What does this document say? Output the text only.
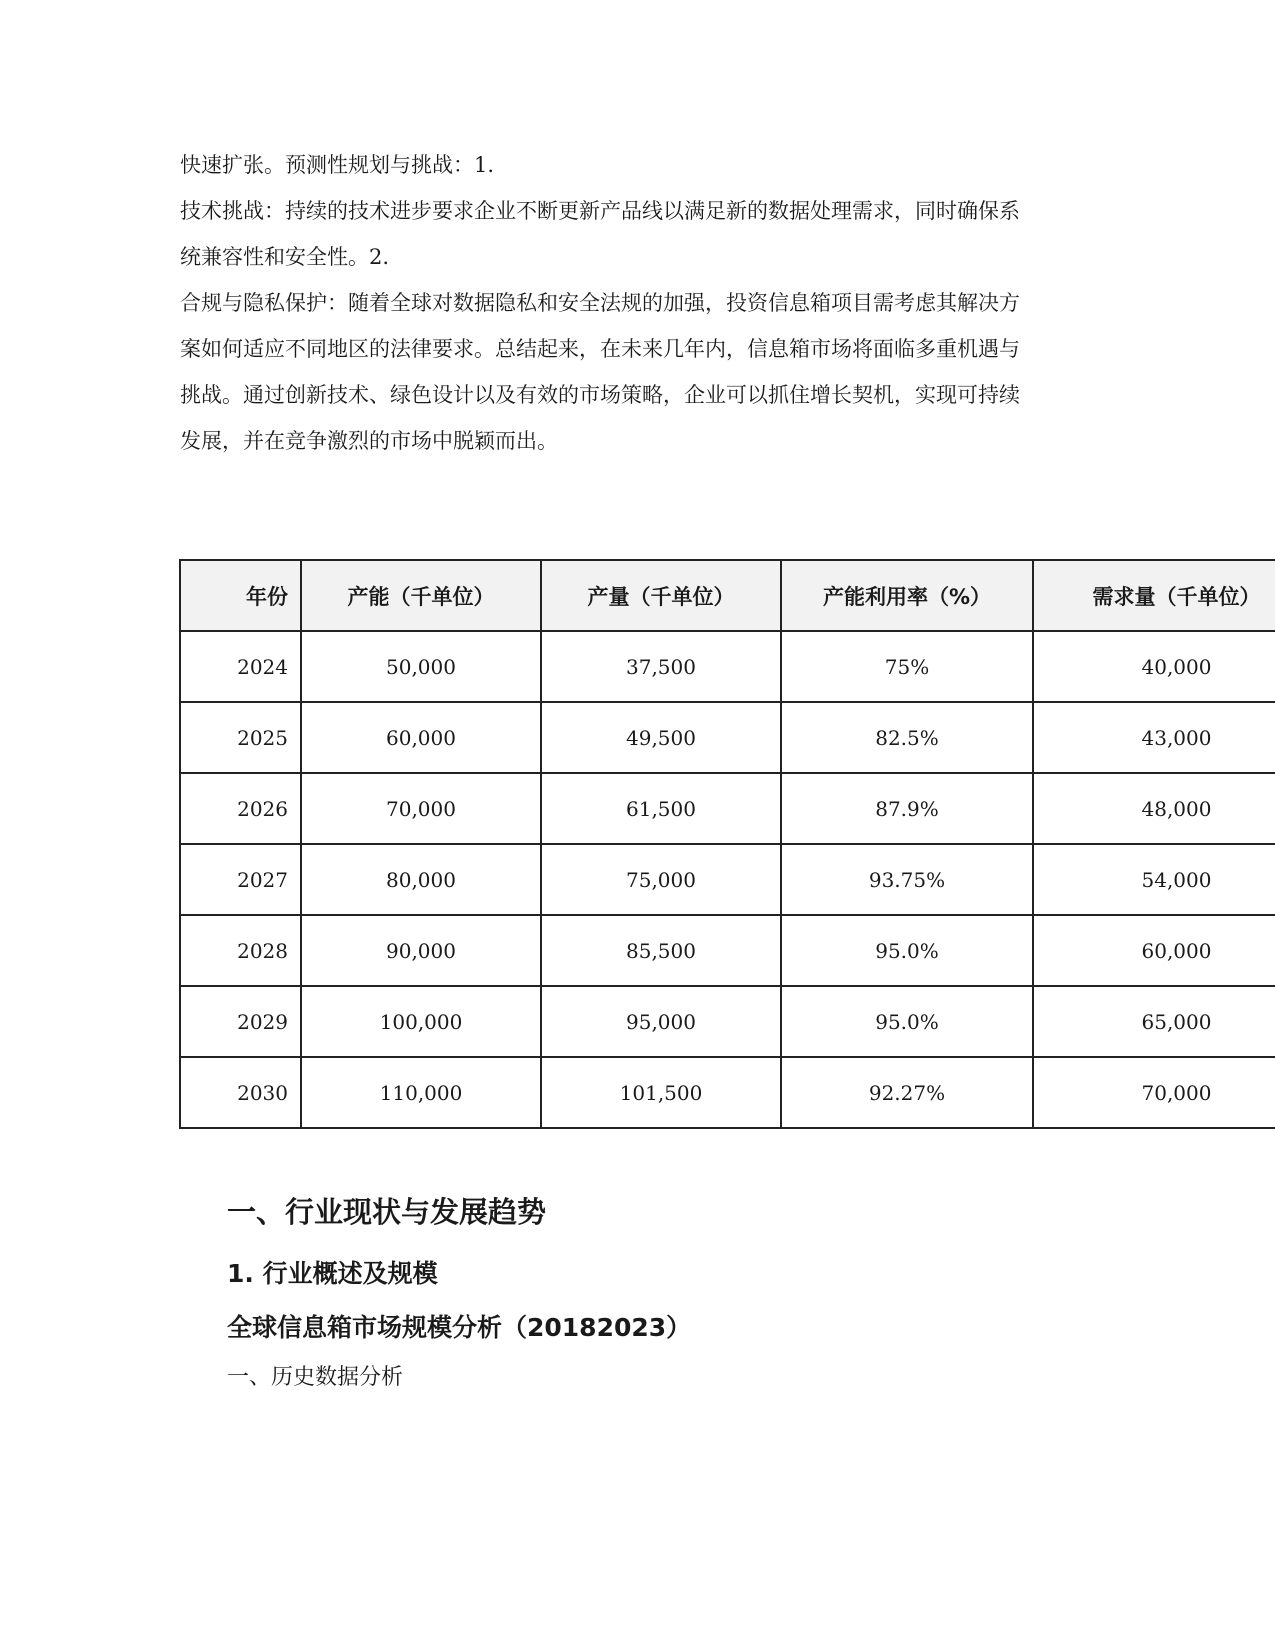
快速扩张。预测性规划与挑战：1.

技术挑战：持续的技术进步要求企业不断更新产品线以满足新的数据处理需求，同时确保系统兼容性和安全性。2.

合规与隐私保护：随着全球对数据隐私和安全法规的加强，投资信息箱项目需考虑其解决方案如何适应不同地区的法律要求。总结起来，在未来几年内，信息箱市场将面临多重机遇与挑战。通过创新技术、绿色设计以及有效的市场策略，企业可以抓住增长契机，实现可持续发展，并在竞争激烈的市场中脱颖而出。

年份	产能（千单位）	产量（千单位）	产能利用率（%）	需求量（千单位）
2024	50,000	37,500	75%	40,000
2025	60,000	49,500	82.5%	43,000
2026	70,000	61,500	87.9%	48,000
2027	80,000	75,000	93.75%	54,000
2028	90,000	85,500	95.0%	60,000
2029	100,000	95,000	95.0%	65,000
2030	110,000	101,500	92.27%	70,000
一、行业现状与发展趋势
1. 行业概述及规模
全球信息箱市场规模分析（20182023）

一、历史数据分析
